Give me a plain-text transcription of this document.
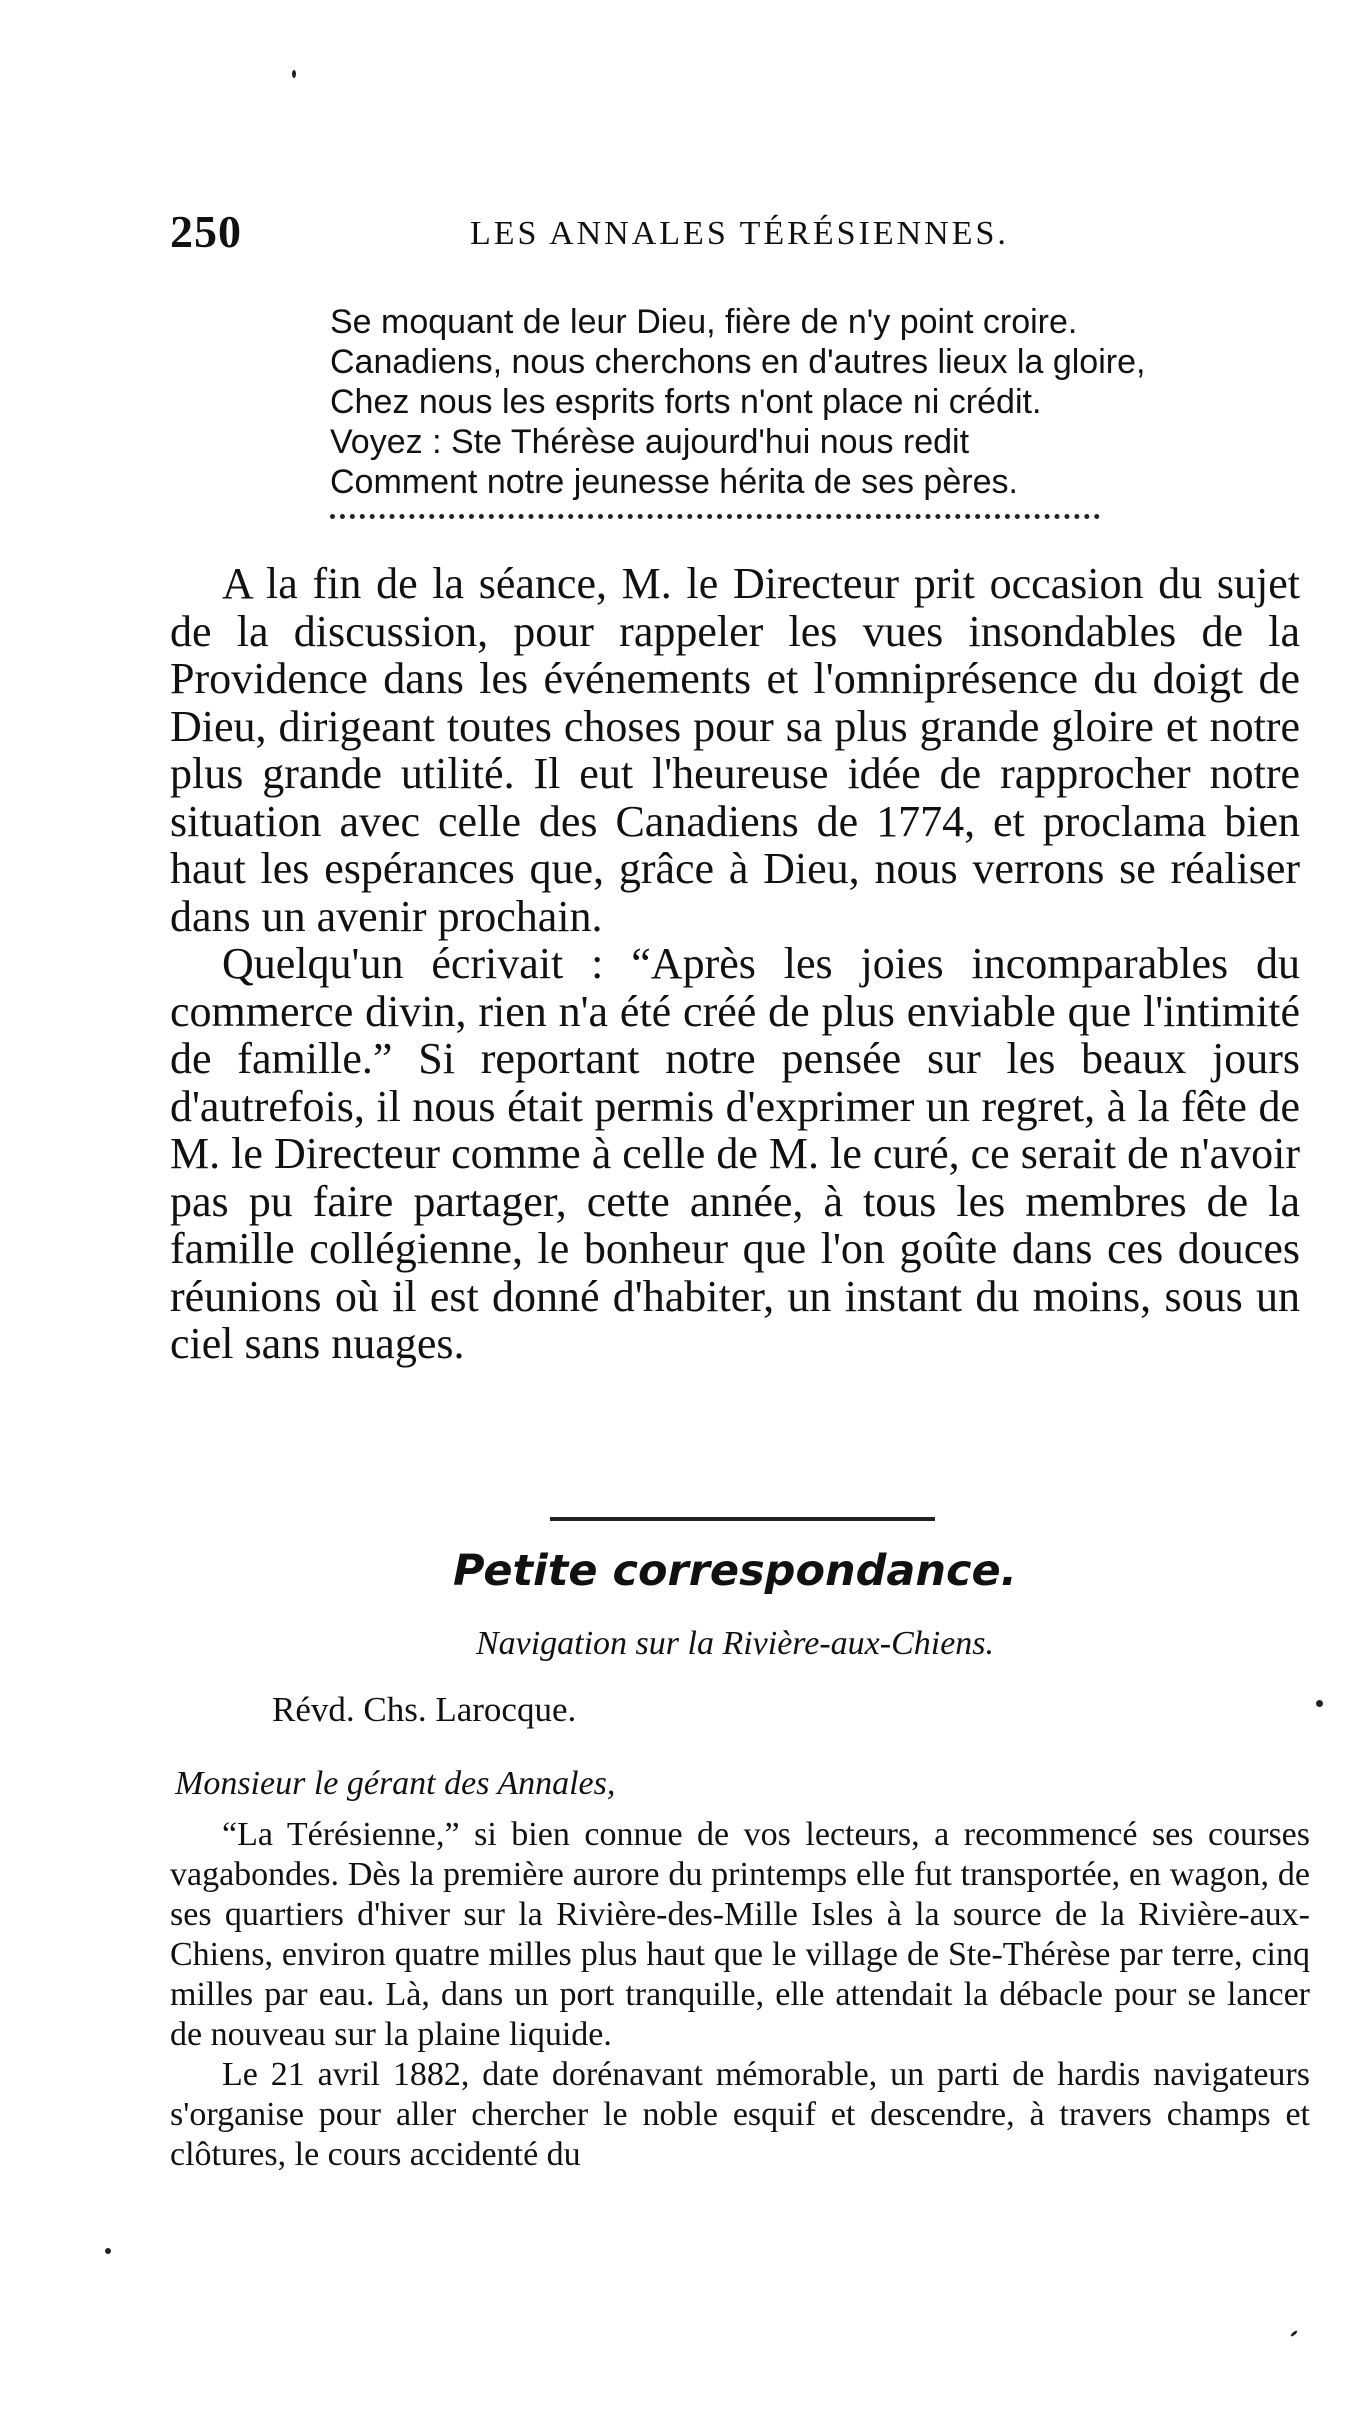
250	LES ANNALES TÉRÉSIENNES.
Se moquant de leur Dieu, fière de n'y point croire.
Canadiens, nous cherchons en d'autres lieux la gloire,
Chez nous les esprits forts n'ont place ni crédit.
Voyez : Ste Thérèse aujourd'hui nous redit
Comment notre jeunesse hérita de ses pères.

A la fin de la séance, M. le Directeur prit occasion du sujet de la discussion, pour rappeler les vues insondables de la Providence dans les événements et l'omniprésence du doigt de Dieu, dirigeant toutes choses pour sa plus grande gloire et notre plus grande utilité. Il eut l'heureuse idée de rapprocher notre situation avec celle des Canadiens de 1774, et proclama bien haut les espérances que, grâce à Dieu, nous verrons se réaliser dans un avenir prochain.

Quelqu'un écrivait : “Après les joies incomparables du commerce divin, rien n'a été créé de plus enviable que l'intimité de famille.” Si reportant notre pensée sur les beaux jours d'autrefois, il nous était permis d'exprimer un regret, à la fête de M. le Directeur comme à celle de M. le curé, ce serait de n'avoir pas pu faire partager, cette année, à tous les membres de la famille collégienne, le bonheur que l'on goûte dans ces douces réunions où il est donné d'habiter, un instant du moins, sous un ciel sans nuages.

Petite correspondance.
Navigation sur la Rivière-aux-Chiens.
Révd. Chs. Larocque.
Monsieur le gérant des Annales,

“La Térésienne,” si bien connue de vos lecteurs, a recommencé ses courses vagabondes. Dès la première aurore du printemps elle fut transportée, en wagon, de ses quartiers d'hiver sur la Rivière-des-Mille Isles à la source de la Rivière-aux-Chiens, environ quatre milles plus haut que le village de Ste-Thérèse par terre, cinq milles par eau. Là, dans un port tranquille, elle attendait la débacle pour se lancer de nouveau sur la plaine liquide.

Le 21 avril 1882, date dorénavant mémorable, un parti de hardis navigateurs s'organise pour aller chercher le noble esquif et descendre, à travers champs et clôtures, le cours accidenté du
